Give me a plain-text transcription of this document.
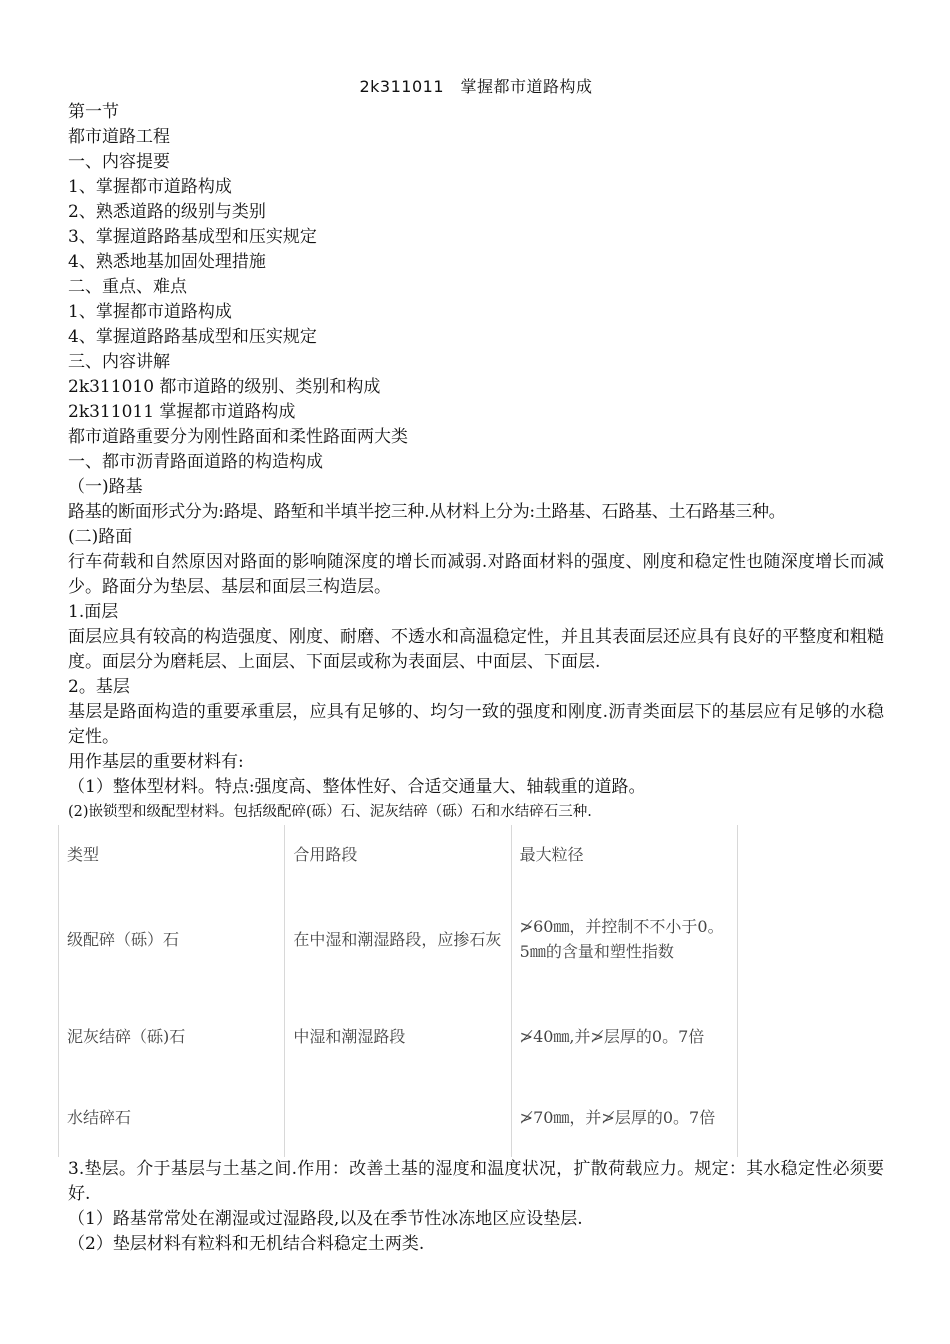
2k311011　掌握都市道路构成
第一节
都市道路工程
一、内容提要
1、掌握都市道路构成
2、熟悉道路的级别与类别
3、掌握道路路基成型和压实规定
4、熟悉地基加固处理措施
二、重点、难点
1、掌握都市道路构成
4、掌握道路路基成型和压实规定
三、内容讲解
2k311010 都市道路的级别、类别和构成
2k311011 掌握都市道路构成
都市道路重要分为刚性路面和柔性路面两大类
一、都市沥青路面道路的构造构成
（一)路基
路基的断面形式分为:路堤、路堑和半填半挖三种.从材料上分为:土路基、石路基、土石路基三种。
(二)路面
行车荷载和自然原因对路面的影响随深度的增长而减弱.对路面材料的强度、刚度和稳定性也随深度增长而减少。路面分为垫层、基层和面层三构造层。
1.面层
面层应具有较高的构造强度、刚度、耐磨、不透水和高温稳定性，并且其表面层还应具有良好的平整度和粗糙度。面层分为磨耗层、上面层、下面层或称为表面层、中面层、下面层.
2。基层
基层是路面构造的重要承重层，应具有足够的、均匀一致的强度和刚度.沥青类面层下的基层应有足够的水稳定性。
用作基层的重要材料有:
（1）整体型材料。特点:强度高、整体性好、合适交通量大、轴载重的道路。
(2)嵌锁型和级配型材料。包括级配碎(砾）石、泥灰结碎（砾）石和水结碎石三种.
类型	合用路段	最大粒径
级配碎（砾）石	在中湿和潮湿路段，应掺石灰	≯60㎜，并控制不不小于0。5㎜的含量和塑性指数
泥灰结碎（砾)石	中湿和潮湿路段	≯40㎜,并≯层厚的0。7倍
水结碎石		≯70㎜，并≯层厚的0。7倍
3.垫层。介于基层与土基之间.作用：改善土基的湿度和温度状况，扩散荷载应力。规定：其水稳定性必须要好.
（1）路基常常处在潮湿或过湿路段,以及在季节性冰冻地区应设垫层.
（2）垫层材料有粒料和无机结合料稳定土两类.
